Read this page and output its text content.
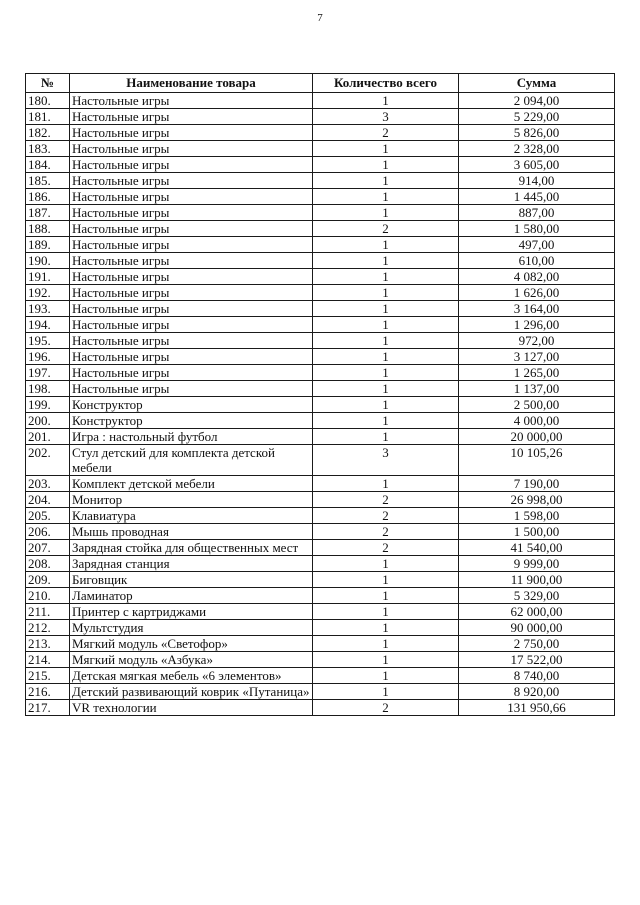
7
№	Наименование товара	Количество всего	Сумма
180.	Настольные игры	1	2 094,00
181.	Настольные игры	3	5 229,00
182.	Настольные игры	2	5 826,00
183.	Настольные игры	1	2 328,00
184.	Настольные игры	1	3 605,00
185.	Настольные игры	1	914,00
186.	Настольные игры	1	1 445,00
187.	Настольные игры	1	887,00
188.	Настольные игры	2	1 580,00
189.	Настольные игры	1	497,00
190.	Настольные игры	1	610,00
191.	Настольные игры	1	4 082,00
192.	Настольные игры	1	1 626,00
193.	Настольные игры	1	3 164,00
194.	Настольные игры	1	1 296,00
195.	Настольные игры	1	972,00
196.	Настольные игры	1	3 127,00
197.	Настольные игры	1	1 265,00
198.	Настольные игры	1	1 137,00
199.	Конструктор	1	2 500,00
200.	Конструктор	1	4 000,00
201.	Игра : настольный футбол	1	20 000,00
202.	Стул детский для комплекта детской мебели	3	10 105,26
203.	Комплект детской мебели	1	7 190,00
204.	Монитор	2	26 998,00
205.	Клавиатура	2	1 598,00
206.	Мышь проводная	2	1 500,00
207.	Зарядная стойка для общественных мест	2	41 540,00
208.	Зарядная станция	1	9 999,00
209.	Биговщик	1	11 900,00
210.	Ламинатор	1	5 329,00
211.	Принтер с картриджами	1	62 000,00
212.	Мультстудия	1	90 000,00
213.	Мягкий модуль «Светофор»	1	2 750,00
214.	Мягкий модуль «Азбука»	1	17 522,00
215.	Детская мягкая мебель «6 элементов»	1	8 740,00
216.	Детский развивающий коврик «Путаница»	1	8 920,00
217.	VR технологии	2	131 950,66
